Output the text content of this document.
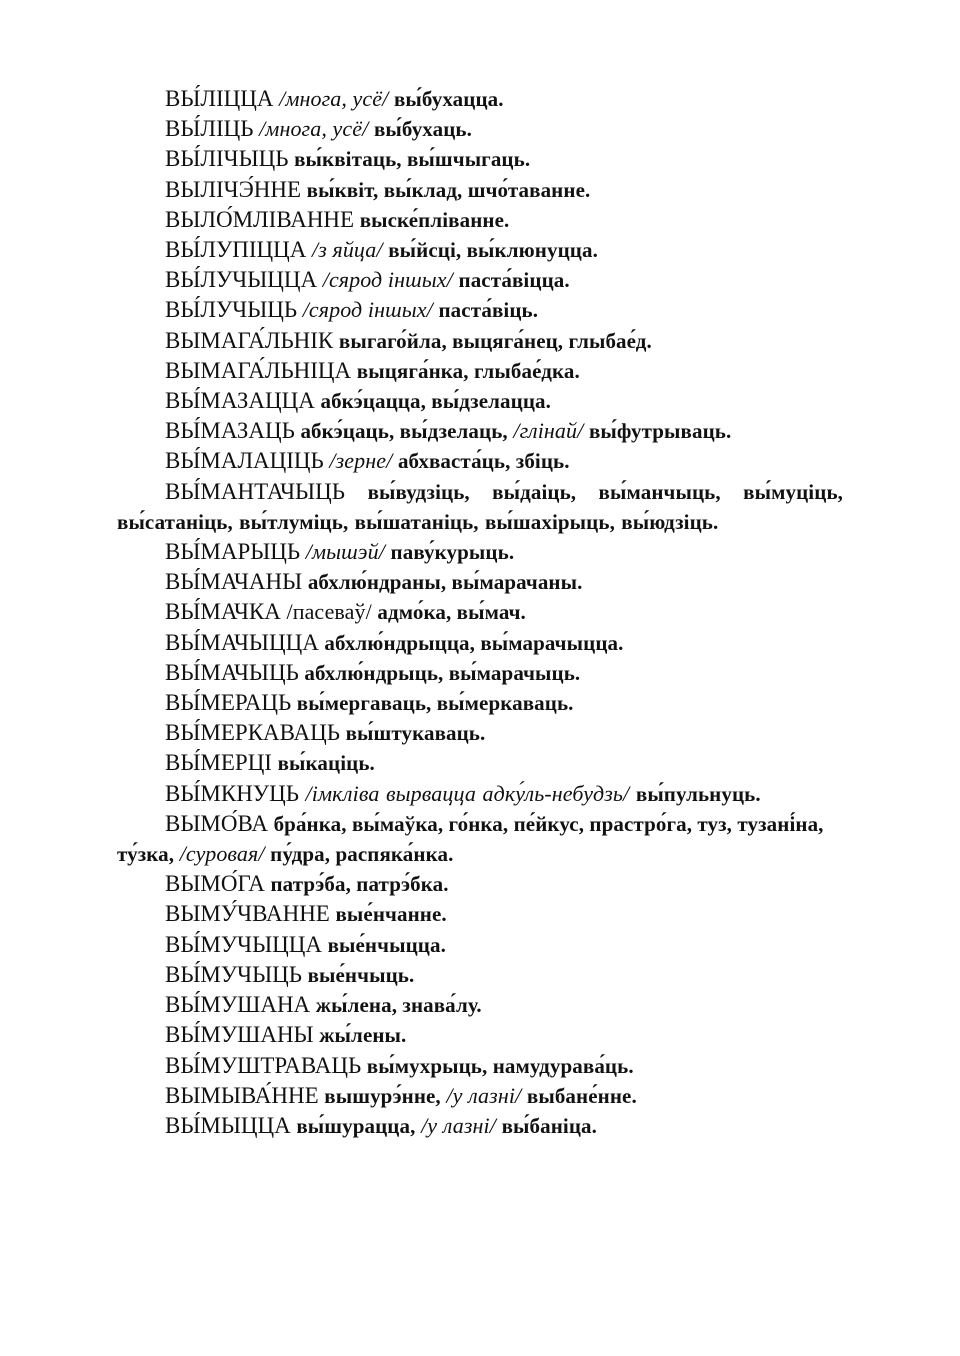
ВЫ́ЛІЦЦА /многа, усё/ вы́бухацца.

ВЫ́ЛІЦЬ /многа, усё/ вы́бухаць.

ВЫ́ЛІЧЫЦЬ вы́квітаць, вы́шчыгаць.

ВЫЛІЧЭ́ННЕ вы́квіт, вы́клад, шчо́таванне.

ВЫЛО́МЛІВАННЕ выске́пліванне.

ВЫ́ЛУПІЦЦА /з яйца/ вы́йсці, вы́клюнуцца.

ВЫ́ЛУЧЫЦЦА /сярод іншых/ паста́віцца.

ВЫ́ЛУЧЫЦЬ /сярод іншых/ паста́віць.

ВЫМАГА́ЛЬНІК выгаго́йла, выцяга́нец, глыбае́д.

ВЫМАГА́ЛЬНІЦА выцяга́нка, глыбае́дка.

ВЫ́МАЗАЦЦА абкэ́цацца, вы́дзелацца.

ВЫ́МАЗАЦЬ абкэ́цаць, вы́дзелаць, /глінай/ вы́футрываць.

ВЫ́МАЛАЦІЦЬ /зерне/ абхваста́ць, збіць.

ВЫ́МАНТАЧЫЦЬ вы́вудзіць, вы́даіць, вы́манчыць, вы́муціць, вы́сатаніць, вы́тлуміць, вы́шатаніць, вы́шахірыць, вы́юдзіць.

ВЫ́МАРЫЦЬ /мышэй/ паву́курыць.

ВЫ́МАЧАНЫ абхлю́ндраны, вы́марачаны.

ВЫ́МАЧКА /пасеваў/ адмо́ка, вы́мач.

ВЫ́МАЧЫЦЦА абхлю́ндрыцца, вы́марачыцца.

ВЫ́МАЧЫЦЬ абхлю́ндрыць, вы́марачыць.

ВЫ́МЕРАЦЬ вы́мергаваць, вы́меркаваць.

ВЫ́МЕРКАВАЦЬ вы́штукаваць.

ВЫ́МЕРЦІ вы́каціць.

ВЫ́МКНУЦЬ /імкліва вырвацца адку́ль-небудзь/ вы́пульнуць.

ВЫМО́ВА бра́нка, вы́маўка, го́нка, пе́йкус, прастро́га, туз, тузані́на, ту́зка, /суровая/ пу́дра, распяка́нка.

ВЫМО́ГА патрэ́ба, патрэ́бка.

ВЫМУ́ЧВАННЕ вые́нчанне.

ВЫ́МУЧЫЦЦА вые́нчыцца.

ВЫ́МУЧЫЦЬ вые́нчыць.

ВЫ́МУШАНА жы́лена, знава́лу.

ВЫ́МУШАНЫ жы́лены.

ВЫ́МУШТРАВАЦЬ вы́мухрыць, намудурава́ць.

ВЫМЫВА́ННЕ вышурэ́нне, /у лазні/ выбане́нне.

ВЫ́МЫЦЦА вы́шурацца, /у лазні/ вы́баніца.
